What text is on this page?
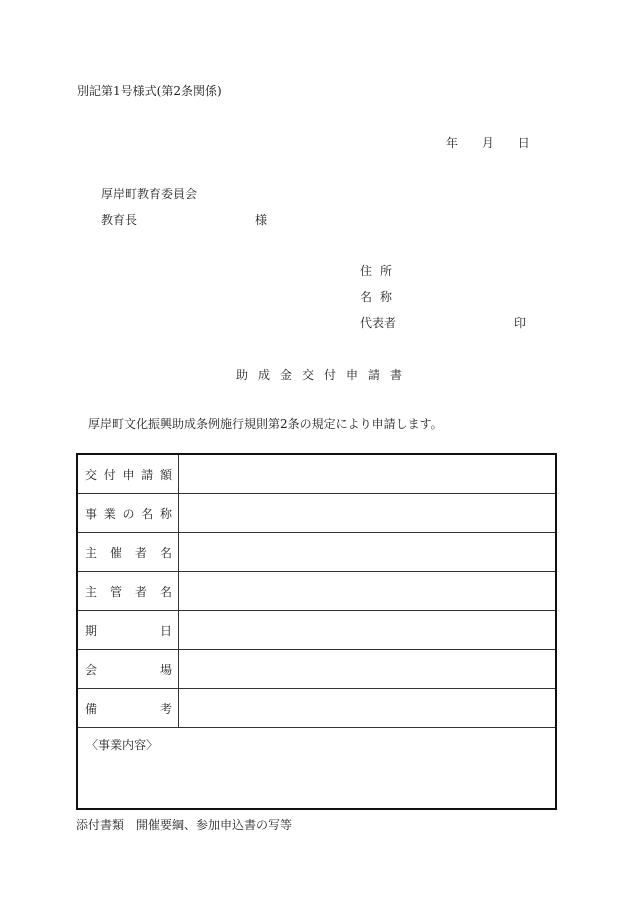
別記第1号様式(第2条関係)
年 月 日
厚岸町教育委員会
教育長	様
住所
名称
代表者	印
助成金交付申請書
厚岸町文化振興助成条例施行規則第2条の規定により申請します。
交 付 申 請 額	

事 業 の 名 称	

主 催 者 名	

主 管 者 名	

期 日	

会 場	

備 考	

〈事業内容〉	
添付書類　開催要綱、参加申込書の写等
